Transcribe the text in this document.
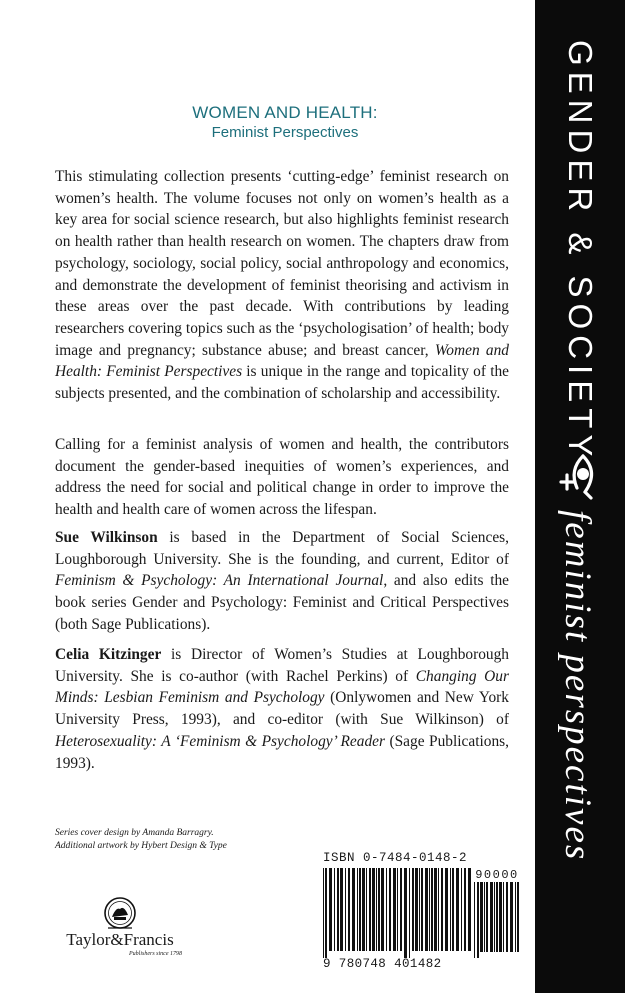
GENDER & SOCIETY
feminist perspectives
WOMEN AND HEALTH:
Feminist Perspectives

This stimulating collection presents ‘cutting-edge’ feminist research on women’s health. The volume focuses not only on women’s health as a key area for social science research, but also highlights feminist research on health rather than health research on women. The chapters draw from psychology, sociology, social policy, social anthropology and economics, and demonstrate the development of feminist theorising and activism in these areas over the past decade. With contributions by leading researchers covering topics such as the ‘psychologisation’ of health; body image and pregnancy; substance abuse; and breast cancer, Women and Health: Feminist Perspectives is unique in the range and topicality of the subjects presented, and the combination of scholarship and accessibility.

Calling for a feminist analysis of women and health, the contributors document the gender-based inequities of women’s experiences, and address the need for social and political change in order to improve the health and health care of women across the lifespan.

Sue Wilkinson is based in the Department of Social Sciences, Loughborough University. She is the founding, and current, Editor of Feminism & Psychology: An International Journal, and also edits the book series Gender and Psychology: Feminist and Critical Perspectives (both Sage Publications).

Celia Kitzinger is Director of Women’s Studies at Loughborough University. She is co-author (with Rachel Perkins) of Changing Our Minds: Lesbian Feminism and Psychology (Onlywomen and New York University Press, 1993), and co-editor (with Sue Wilkinson) of Heterosexuality: A ‘Feminism & Psychology’ Reader (Sage Publications, 1993).

Series cover design by Amanda Barragry.
Additional artwork by Hybert Design & Type
Taylor&Francis
Publishers since 1798
ISBN 0-7484-0148-2
90000
9 780748 401482
